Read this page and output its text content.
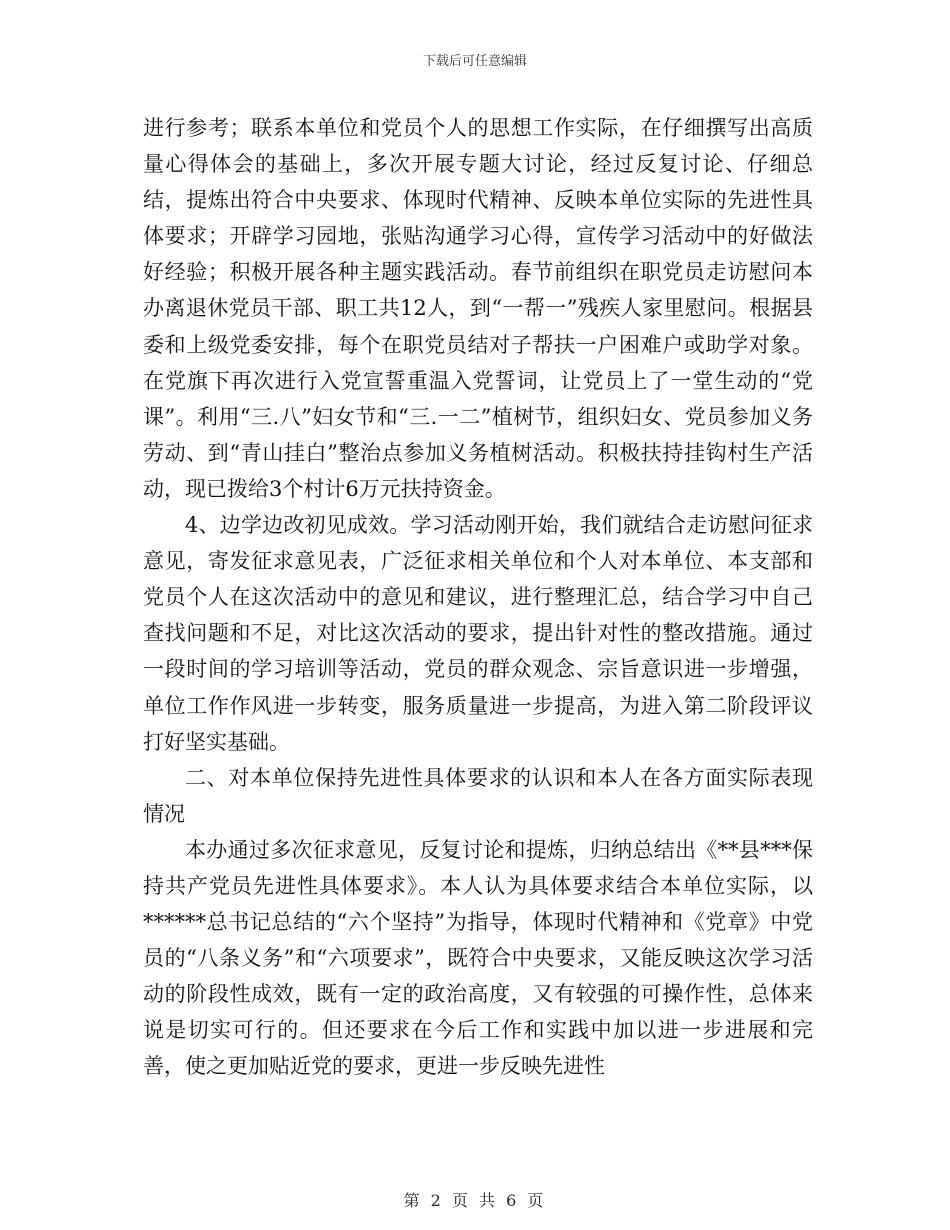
下载后可任意编辑

进行参考；联系本单位和党员个人的思想工作实际，在仔细撰写出高质量心得体会的基础上，多次开展专题大讨论，经过反复讨论、仔细总结，提炼出符合中央要求、体现时代精神、反映本单位实际的先进性具体要求；开辟学习园地，张贴沟通学习心得，宣传学习活动中的好做法好经验；积极开展各种主题实践活动。春节前组织在职党员走访慰问本办离退休党员干部、职工共12人，到“一帮一”残疾人家里慰问。根据县委和上级党委安排，每个在职党员结对子帮扶一户困难户或助学对象。在党旗下再次进行入党宣誓重温入党誓词，让党员上了一堂生动的“党课”。利用“三.八”妇女节和“三.一二”植树节，组织妇女、党员参加义务劳动、到“青山挂白”整治点参加义务植树活动。积极扶持挂钩村生产活动，现已拨给3个村计6万元扶持资金。

4、边学边改初见成效。学习活动刚开始，我们就结合走访慰问征求意见，寄发征求意见表，广泛征求相关单位和个人对本单位、本支部和党员个人在这次活动中的意见和建议，进行整理汇总，结合学习中自己查找问题和不足，对比这次活动的要求，提出针对性的整改措施。通过一段时间的学习培训等活动，党员的群众观念、宗旨意识进一步增强，单位工作作风进一步转变，服务质量进一步提高，为进入第二阶段评议打好坚实基础。

二、对本单位保持先进性具体要求的认识和本人在各方面实际表现情况

本办通过多次征求意见，反复讨论和提炼，归纳总结出《**县***保持共产党员先进性具体要求》。本人认为具体要求结合本单位实际，以******总书记总结的“六个坚持”为指导，体现时代精神和《党章》中党员的“八条义务”和“六项要求”，既符合中央要求，又能反映这次学习活动的阶段性成效，既有一定的政治高度，又有较强的可操作性，总体来说是切实可行的。但还要求在今后工作和实践中加以进一步进展和完善，使之更加贴近党的要求，更进一步反映先进性

第 2 页 共 6 页
